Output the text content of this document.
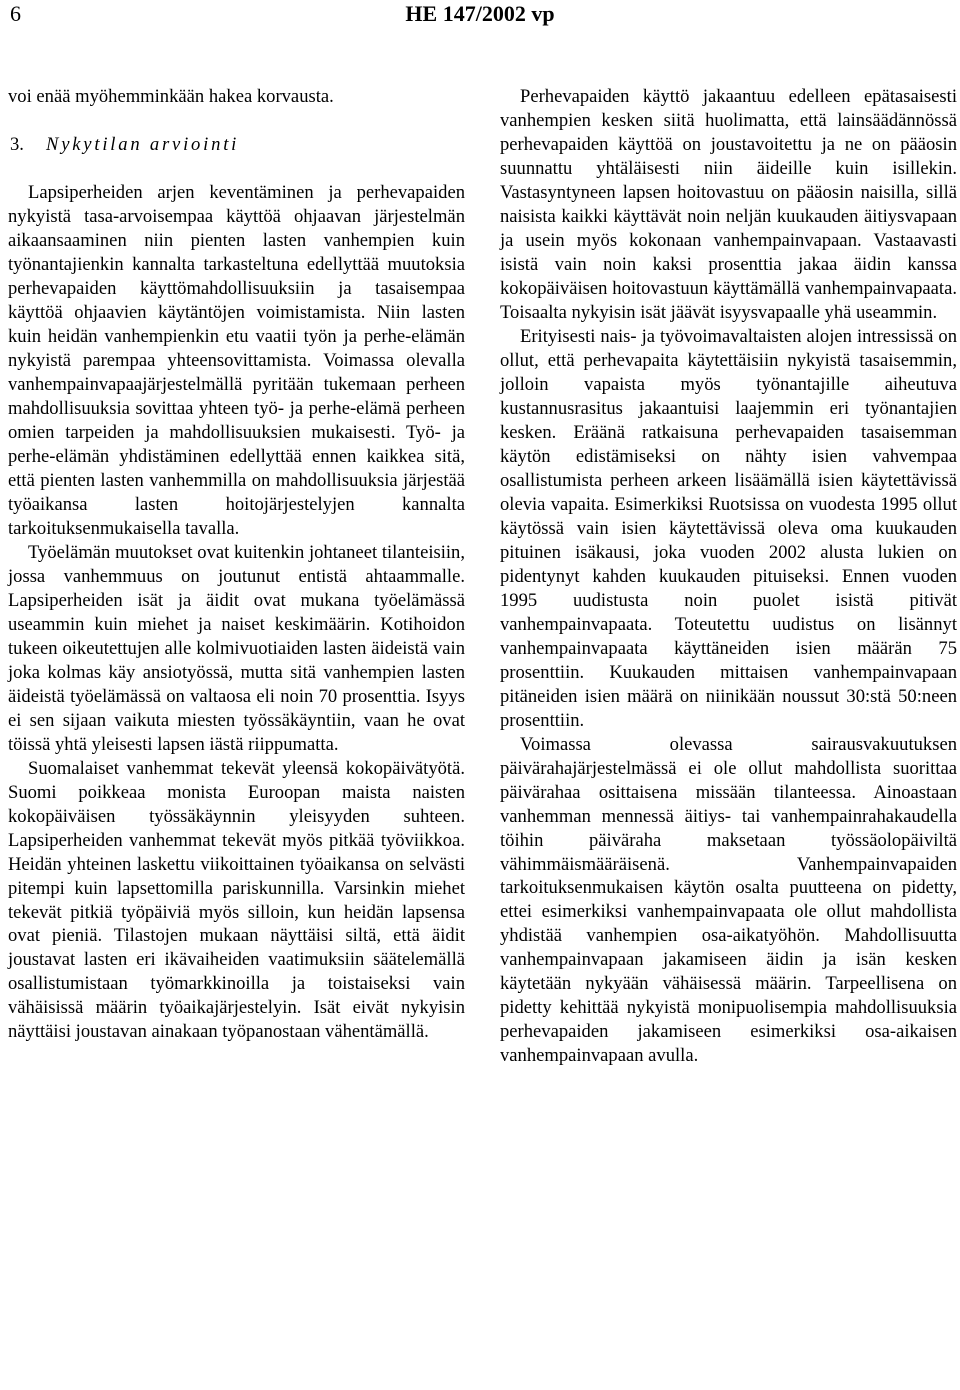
6	HE 147/2002 vp

voi enää myöhemminkään hakea korvausta.

3. Nykytilan arviointi

Lapsiperheiden arjen keventäminen ja perhevapaiden nykyistä tasa-arvoisempaa käyttöä ohjaavan järjestelmän aikaansaaminen niin pienten lasten vanhempien kuin työnantajienkin kannalta tarkasteltuna edellyttää muutoksia perhevapaiden käyttömahdollisuuksiin ja tasaisempaa käyttöä ohjaavien käytäntöjen voimistamista. Niin lasten kuin heidän vanhempienkin etu vaatii työn ja perhe-elämän nykyistä parempaa yhteensovittamista. Voimassa olevalla vanhempainvapaajärjestelmällä pyritään tukemaan perheen mahdollisuuksia sovittaa yhteen työ- ja perhe-elämä perheen omien tarpeiden ja mahdollisuuksien mukaisesti. Työ- ja perhe-elämän yhdistäminen edellyttää ennen kaikkea sitä, että pienten lasten vanhemmilla on mahdollisuuksia järjestää työaikansa lasten hoitojärjestelyjen kannalta tarkoituksenmukaisella tavalla.

Työelämän muutokset ovat kuitenkin johtaneet tilanteisiin, jossa vanhemmuus on joutunut entistä ahtaammalle. Lapsiperheiden isät ja äidit ovat mukana työelämässä useammin kuin miehet ja naiset keskimäärin. Kotihoidon tukeen oikeutettujen alle kolmivuotiaiden lasten äideistä vain joka kolmas käy ansiotyössä, mutta sitä vanhempien lasten äideistä työelämässä on valtaosa eli noin 70 prosenttia. Isyys ei sen sijaan vaikuta miesten työssäkäyntiin, vaan he ovat töissä yhtä yleisesti lapsen iästä riippumatta.

Suomalaiset vanhemmat tekevät yleensä kokopäivätyötä. Suomi poikkeaa monista Euroopan maista naisten kokopäiväisen työssäkäynnin yleisyyden suhteen. Lapsiperheiden vanhemmat tekevät myös pitkää työviikkoa. Heidän yhteinen laskettu viikoittainen työaikansa on selvästi pitempi kuin lapsettomilla pariskunnilla. Varsinkin miehet tekevät pitkiä työpäiviä myös silloin, kun heidän lapsensa ovat pieniä. Tilastojen mukaan näyttäisi siltä, että äidit joustavat lasten eri ikävaiheiden vaatimuksiin säätelemällä osallistumistaan työmarkkinoilla ja toistaiseksi vain vähäisissä määrin työaikajärjestelyin. Isät eivät nykyisin näyttäisi joustavan ainakaan työpanostaan vähentämällä.

Perhevapaiden käyttö jakaantuu edelleen epätasaisesti vanhempien kesken siitä huolimatta, että lainsäädännössä perhevapaiden käyttöä on joustavoitettu ja ne on pääosin suunnattu yhtäläisesti niin äideille kuin isillekin. Vastasyntyneen lapsen hoitovastuu on pääosin naisilla, sillä naisista kaikki käyttävät noin neljän kuukauden äitiysvapaan ja usein myös kokonaan vanhempainvapaan. Vastaavasti isistä vain noin kaksi prosenttia jakaa äidin kanssa kokopäiväisen hoitovastuun käyttämällä vanhempainvapaata. Toisaalta nykyisin isät jäävät isyysvapaalle yhä useammin.

Erityisesti nais- ja työvoimavaltaisten alojen intressissä on ollut, että perhevapaita käytettäisiin nykyistä tasaisemmin, jolloin vapaista myös työnantajille aiheutuva kustannusrasitus jakaantuisi laajemmin eri työnantajien kesken. Eräänä ratkaisuna perhevapaiden tasaisemman käytön edistämiseksi on nähty isien vahvempaa osallistumista perheen arkeen lisäämällä isien käytettävissä olevia vapaita. Esimerkiksi Ruotsissa on vuodesta 1995 ollut käytössä vain isien käytettävissä oleva oma kuukauden pituinen isäkausi, joka vuoden 2002 alusta lukien on pidentynyt kahden kuukauden pituiseksi. Ennen vuoden 1995 uudistusta noin puolet isistä pitivät vanhempainvapaata. Toteutettu uudistus on lisännyt vanhempainvapaata käyttäneiden isien määrän 75 prosenttiin. Kuukauden mittaisen vanhempainvapaan pitäneiden isien määrä on niinikään noussut 30:stä 50:neen prosenttiin.

Voimassa olevassa sairausvakuutuksen päivärahajärjestelmässä ei ole ollut mahdollista suorittaa päivärahaa osittaisena missään tilanteessa. Ainoastaan vanhemman mennessä äitiys- tai vanhempainrahakaudella töihin päiväraha maksetaan työssäolopäiviltä vähimmäismääräisenä. Vanhempainvapaiden tarkoituksenmukaisen käytön osalta puutteena on pidetty, ettei esimerkiksi vanhempainvapaata ole ollut mahdollista yhdistää vanhempien osa-aikatyöhön. Mahdollisuutta vanhempainvapaan jakamiseen äidin ja isän kesken käytetään nykyään vähäisessä määrin. Tarpeellisena on pidetty kehittää nykyistä monipuolisempia mahdollisuuksia perhevapaiden jakamiseen esimerkiksi osa-aikaisen vanhempainvapaan avulla.
